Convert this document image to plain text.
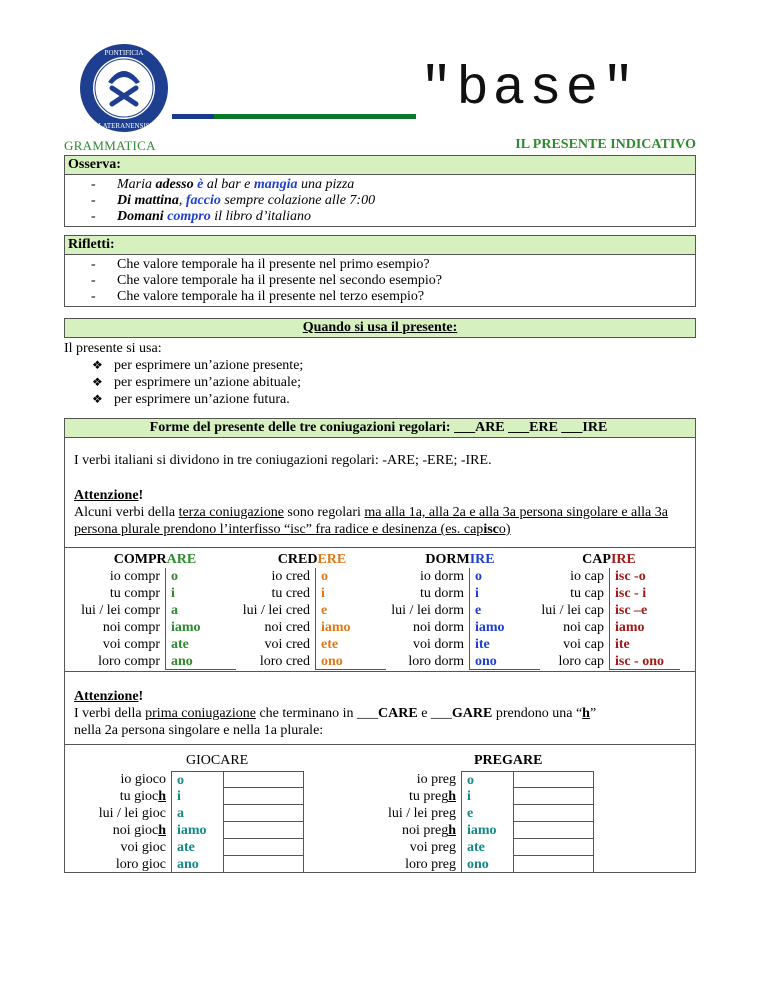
PONTIFICIA
LATERANENSIS
"base"
GRAMMATICA	IL PRESENTE INDICATIVO
Osserva:
- Maria adesso è al bar e mangia una pizza
- Di mattina, faccio sempre colazione alle 7:00
- Domani compro il libro d’italiano
Rifletti:
- Che valore temporale ha il presente nel primo esempio?
- Che valore temporale ha il presente nel secondo esempio?
- Che valore temporale ha il presente nel terzo esempio?
Quando si usa il presente:
Il presente si usa:
❖ per esprimere un’azione presente;
❖ per esprimere un’azione abituale;
❖ per esprimere un’azione futura.
Forme del presente delle tre coniugazioni regolari: ___ARE ___ERE ___IRE
I verbi italiani si dividono in tre coniugazioni regolari: -ARE; -ERE; -IRE.
Attenzione!
Alcuni verbi della terza coniugazione sono regolari ma alla 1a, alla 2a e alla 3a persona singolare e alla 3a persona plurale prendono l’interfisso “isc” fra radice e desinenza (es. capisco)
COMPRARE
io compr o
tu compr i
lui / lei compr a
noi compr iamo
voi compr ate
loro compr ano
CREDERE
io cred o
tu cred i
lui / lei cred e
noi cred iamo
voi cred ete
loro cred ono
DORMIRE
io dorm o
tu dorm i
lui / lei dorm e
noi dorm iamo
voi dorm ite
loro dorm ono
CAPIRE
io cap isc -o
tu cap isc - i
lui / lei cap isc –e
noi cap iamo
voi cap ite
loro cap isc - ono
Attenzione!
I verbi della prima coniugazione che terminano in ___CARE e ___GARE prendono una “h”
nella 2a persona singolare e nella 1a plurale:
GIOCARE	PREGARE
io gioco o
tu gioch i
lui / lei gioc a
noi gioch iamo
voi gioc ate
loro gioc ano
io preg o
tu pregh i
lui / lei preg e
noi pregh iamo
voi preg ate
loro preg ono
